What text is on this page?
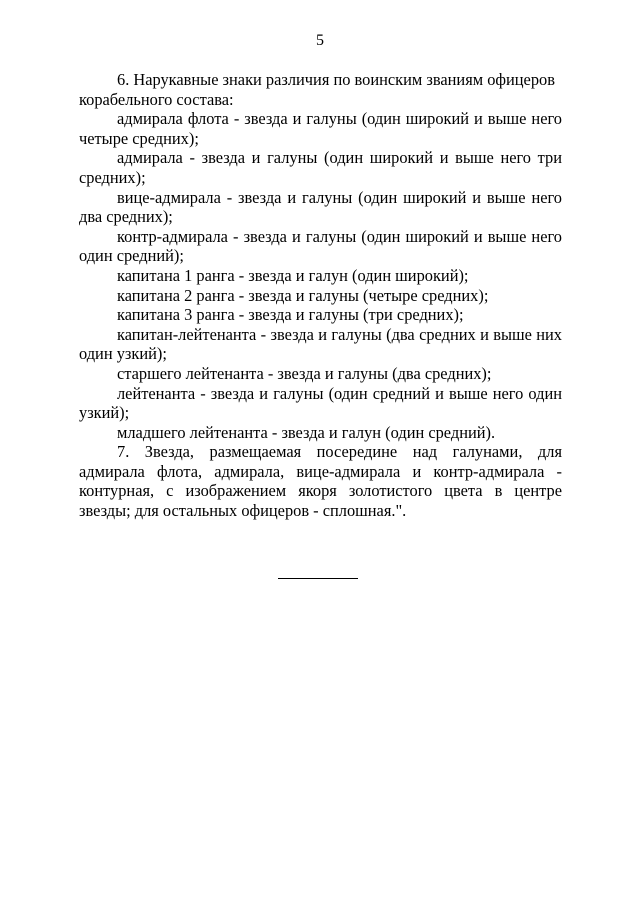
5

6. Нарукавные знаки различия по воинским званиям офицеров корабельного состава:

адмирала флота - звезда и галуны (один широкий и выше него четыре средних);

адмирала - звезда и галуны (один широкий и выше него три средних);

вице-адмирала - звезда и галуны (один широкий и выше него два средних);

контр-адмирала - звезда и галуны (один широкий и выше него один средний);

капитана 1 ранга - звезда и галун (один широкий);

капитана 2 ранга - звезда и галуны (четыре средних);

капитана 3 ранга - звезда и галуны (три средних);

капитан-лейтенанта - звезда и галуны (два средних и выше них один узкий);

старшего лейтенанта - звезда и галуны (два средних);

лейтенанта - звезда и галуны (один средний и выше него один узкий);

младшего лейтенанта - звезда и галун (один средний).

7. Звезда, размещаемая посередине над галунами, для адмирала флота, адмирала, вице-адмирала и контр-адмирала - контурная, с изображением якоря золотистого цвета в центре звезды; для остальных офицеров - сплошная.".
